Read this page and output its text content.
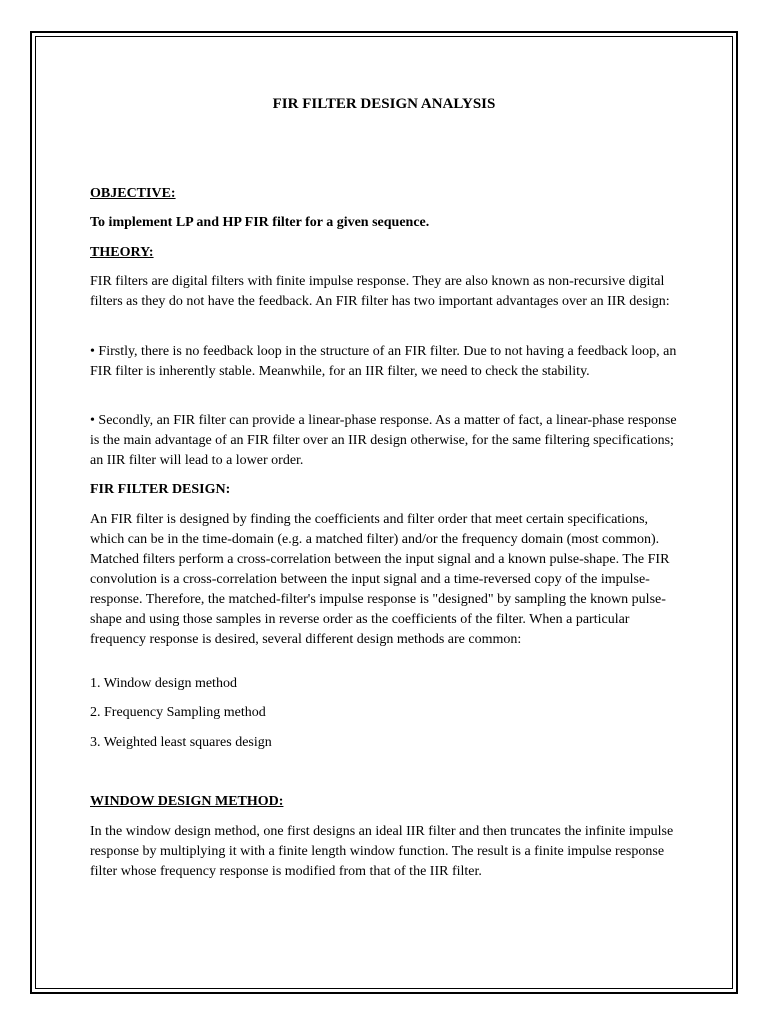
FIR FILTER DESIGN ANALYSIS
OBJECTIVE:
To implement LP and HP FIR filter for a given sequence.
THEORY:

FIR filters are digital filters with finite impulse response. They are also known as non-recursive digital filters as they do not have the feedback. An FIR filter has two important advantages over an IIR design:

• Firstly, there is no feedback loop in the structure of an FIR filter. Due to not having a feedback loop, an FIR filter is inherently stable. Meanwhile, for an IIR filter, we need to check the stability.

• Secondly, an FIR filter can provide a linear-phase response. As a matter of fact, a linear-phase response is the main advantage of an FIR filter over an IIR design otherwise, for the same filtering specifications; an IIR filter will lead to a lower order.

FIR FILTER DESIGN:

An FIR filter is designed by finding the coefficients and filter order that meet certain specifications, which can be in the time-domain (e.g. a matched filter) and/or the frequency domain (most common). Matched filters perform a cross-correlation between the input signal and a known pulse-shape. The FIR convolution is a cross-correlation between the input signal and a time-reversed copy of the impulse-response. Therefore, the matched-filter's impulse response is "designed" by sampling the known pulse-shape and using those samples in reverse order as the coefficients of the filter. When a particular frequency response is desired, several different design methods are common:

1. Window design method
2. Frequency Sampling method
3. Weighted least squares design
WINDOW DESIGN METHOD:

In the window design method, one first designs an ideal IIR filter and then truncates the infinite impulse response by multiplying it with a finite length window function. The result is a finite impulse response filter whose frequency response is modified from that of the IIR filter.
